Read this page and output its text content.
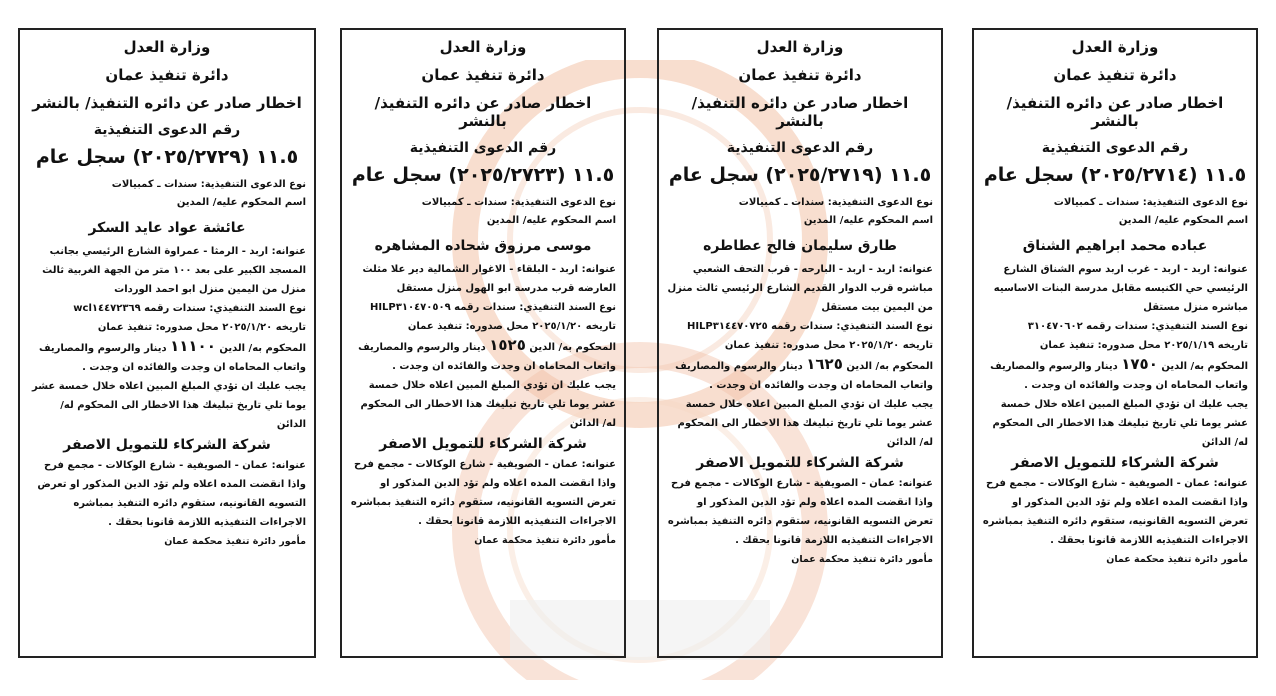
وزارة العدل
دائرة تنفيذ عمان
اخطار صادر عن دائره التنفيذ/ بالنشر
رقم الدعوى التنفيذية
١١.٥ (٢٠٢٥/٢٧١٤) سجل عام
نوع الدعوى التنفيذية: سندات ـ كمبيالات
اسم المحكوم عليه/ المدين
عباده محمد ابراهيم الشناق
عنوانه: اربد - اربد - غرب اربد سوم الشناق الشارع الرئيسي حي الكنيسه مقابل مدرسة البنات الاساسيه مباشره منزل مستقل
نوع السند التنفيذي: سندات رقمه ٣١٠٤٧٠٦٠٢
تاريخه ٢٠٢٥/١/١٩ محل صدوره: تنفيذ عمان
المحكوم به/ الدين ١٧٥٠ دينار والرسوم والمصاريف واتعاب المحاماه ان وجدت والفائده ان وجدت .
يجب عليك ان تؤدي المبلغ المبين اعلاه خلال خمسة عشر يوما تلي تاريخ تبليغك هذا الاخطار الى المحكوم له/ الدائن
شركة الشركاء للتمويل الاصفر
عنوانه: عمان - الصويفية - شارع الوكالات - مجمع فرح
واذا انقضت المده اعلاه ولم تؤد الدين المذكور او تعرض التسويه القانونيه، ستقوم دائره التنفيذ بمباشره الاجراءات التنفيذيه اللازمة قانونا بحقك .
مأمور دائرة تنفيذ محكمة عمان
وزارة العدل
دائرة تنفيذ عمان
اخطار صادر عن دائره التنفيذ/ بالنشر
رقم الدعوى التنفيذية
١١.٥ (٢٠٢٥/٢٧١٩) سجل عام
نوع الدعوى التنفيذية: سندات ـ كمبيالات
اسم المحكوم عليه/ المدين
طارق سليمان فالح عطاطره
عنوانه: اربد - اربد - البارحه - قرب التحف الشعبي مباشره قرب الدوار القديم الشارع الرئيسي ثالث منزل من اليمين بيت مستقل
نوع السند التنفيذي: سندات رقمه HILP٣١٤٤٧٠٧٢٥
تاريخه ٢٠٢٥/١/٢٠ محل صدوره: تنفيذ عمان
المحكوم به/ الدين ١٦٢٥ دينار والرسوم والمصاريف واتعاب المحاماه ان وجدت والفائده ان وجدت .
يجب عليك ان تؤدي المبلغ المبين اعلاه خلال خمسة عشر يوما تلي تاريخ تبليغك هذا الاخطار الى المحكوم له/ الدائن
شركة الشركاء للتمويل الاصفر
عنوانه: عمان - الصويفية - شارع الوكالات - مجمع فرح
واذا انقضت المده اعلاه ولم تؤد الدين المذكور او تعرض التسويه القانونيه، ستقوم دائره التنفيذ بمباشره الاجراءات التنفيذيه اللازمة قانونا بحقك .
مأمور دائرة تنفيذ محكمة عمان
وزارة العدل
دائرة تنفيذ عمان
اخطار صادر عن دائره التنفيذ/ بالنشر
رقم الدعوى التنفيذية
١١.٥ (٢٠٢٥/٢٧٢٣) سجل عام
نوع الدعوى التنفيذية: سندات ـ كمبيالات
اسم المحكوم عليه/ المدين
موسى مرزوق شحاده المشاهره
عنوانه: اربد - البلقاء - الاغوار الشمالية دير علا مثلث العارضه قرب مدرسة ابو الهول منزل مستقل
نوع السند التنفيذي: سندات رقمه HILP٣١٠٤٧٠٥٠٩
تاريخه ٢٠٢٥/١/٢٠ محل صدوره: تنفيذ عمان
المحكوم به/ الدين ١٥٢٥ دينار والرسوم والمصاريف واتعاب المحاماه ان وجدت والفائده ان وجدت .
يجب عليك ان تؤدي المبلغ المبين اعلاه خلال خمسة عشر يوما تلي تاريخ تبليغك هذا الاخطار الى المحكوم له/ الدائن
شركة الشركاء للتمويل الاصفر
عنوانه: عمان - الصويفية - شارع الوكالات - مجمع فرح
واذا انقضت المده اعلاه ولم تؤد الدين المذكور او تعرض التسويه القانونيه، ستقوم دائره التنفيذ بمباشره الاجراءات التنفيذيه اللازمة قانونا بحقك .
مأمور دائرة تنفيذ محكمة عمان
وزارة العدل
دائرة تنفيذ عمان
اخطار صادر عن دائره التنفيذ/ بالنشر
رقم الدعوى التنفيذية
١١.٥ (٢٠٢٥/٢٧٢٩) سجل عام
نوع الدعوى التنفيذية: سندات ـ كمبيالات
اسم المحكوم عليه/ المدين
عائشة عواد عايد السكر
عنوانه: اربد - الرمثا - عمراوة الشارع الرئيسي بجانب المسجد الكبير على بعد ١٠٠ متر من الجهة الغربية ثالث منزل من اليمين منزل ابو احمد الوردات
نوع السند التنفيذي: سندات رقمه wcl١٤٤٧٢٣٦٩
تاريخه ٢٠٢٥/١/٢٠ محل صدوره: تنفيذ عمان
المحكوم به/ الدين ١١١٠٠ دينار والرسوم والمصاريف واتعاب المحاماه ان وجدت والفائده ان وجدت .
يجب عليك ان تؤدي المبلغ المبين اعلاه خلال خمسة عشر يوما تلي تاريخ تبليغك هذا الاخطار الى المحكوم له/ الدائن
شركة الشركاء للتمويل الاصفر
عنوانه: عمان - الصويفية - شارع الوكالات - مجمع فرح
واذا انقضت المده اعلاه ولم تؤد الدين المذكور او تعرض التسويه القانونيه، ستقوم دائره التنفيذ بمباشره الاجراءات التنفيذيه اللازمة قانونا بحقك .
مأمور دائرة تنفيذ محكمة عمان
